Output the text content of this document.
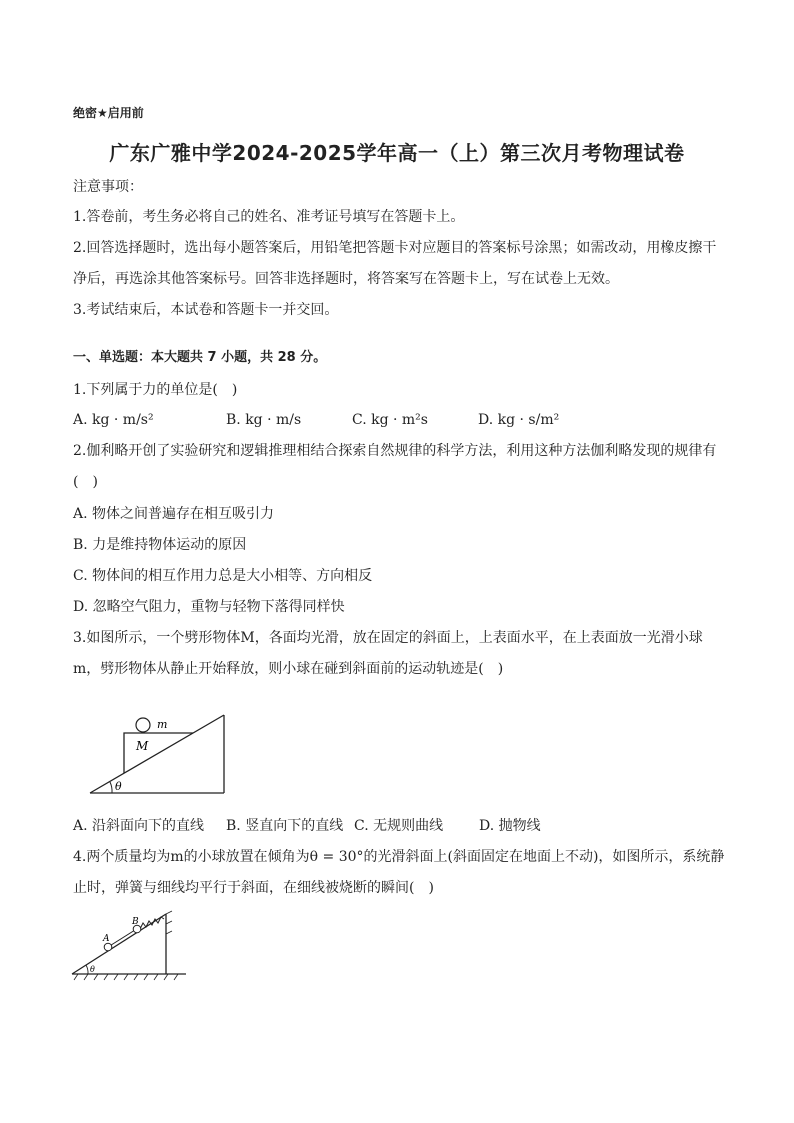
绝密★启用前
广东广雅中学2024-2025学年高一（上）第三次月考物理试卷
注意事项：
1.答卷前，考生务必将自己的姓名、准考证号填写在答题卡上。
2.回答选择题时，选出每小题答案后，用铅笔把答题卡对应题目的答案标号涂黑；如需改动，用橡皮擦干
净后，再选涂其他答案标号。回答非选择题时，将答案写在答题卡上，写在试卷上无效。
3.考试结束后，本试卷和答题卡一并交回。
一、单选题：本大题共 7 小题，共 28 分。
1.下列属于力的单位是(　)
A. kg · m/s²	B. kg · m/s	C. kg · m²s	D. kg · s/m²
2.伽利略开创了实验研究和逻辑推理相结合探索自然规律的科学方法，利用这种方法伽利略发现的规律有
(　)
A. 物体之间普遍存在相互吸引力
B. 力是维持物体运动的原因
C. 物体间的相互作用力总是大小相等、方向相反
D. 忽略空气阻力，重物与轻物下落得同样快
3.如图所示，一个劈形物体M，各面均光滑，放在固定的斜面上，上表面水平，在上表面放一光滑小球
m，劈形物体从静止开始释放，则小球在碰到斜面前的运动轨迹是(　)
m
M
θ
A. 沿斜面向下的直线 B. 竖直向下的直线 C. 无规则曲线	D. 抛物线
4.两个质量均为m的小球放置在倾角为θ = 30°的光滑斜面上(斜面固定在地面上不动)，如图所示，系统静
止时，弹簧与细线均平行于斜面，在细线被烧断的瞬间(　)
A
B
θ
